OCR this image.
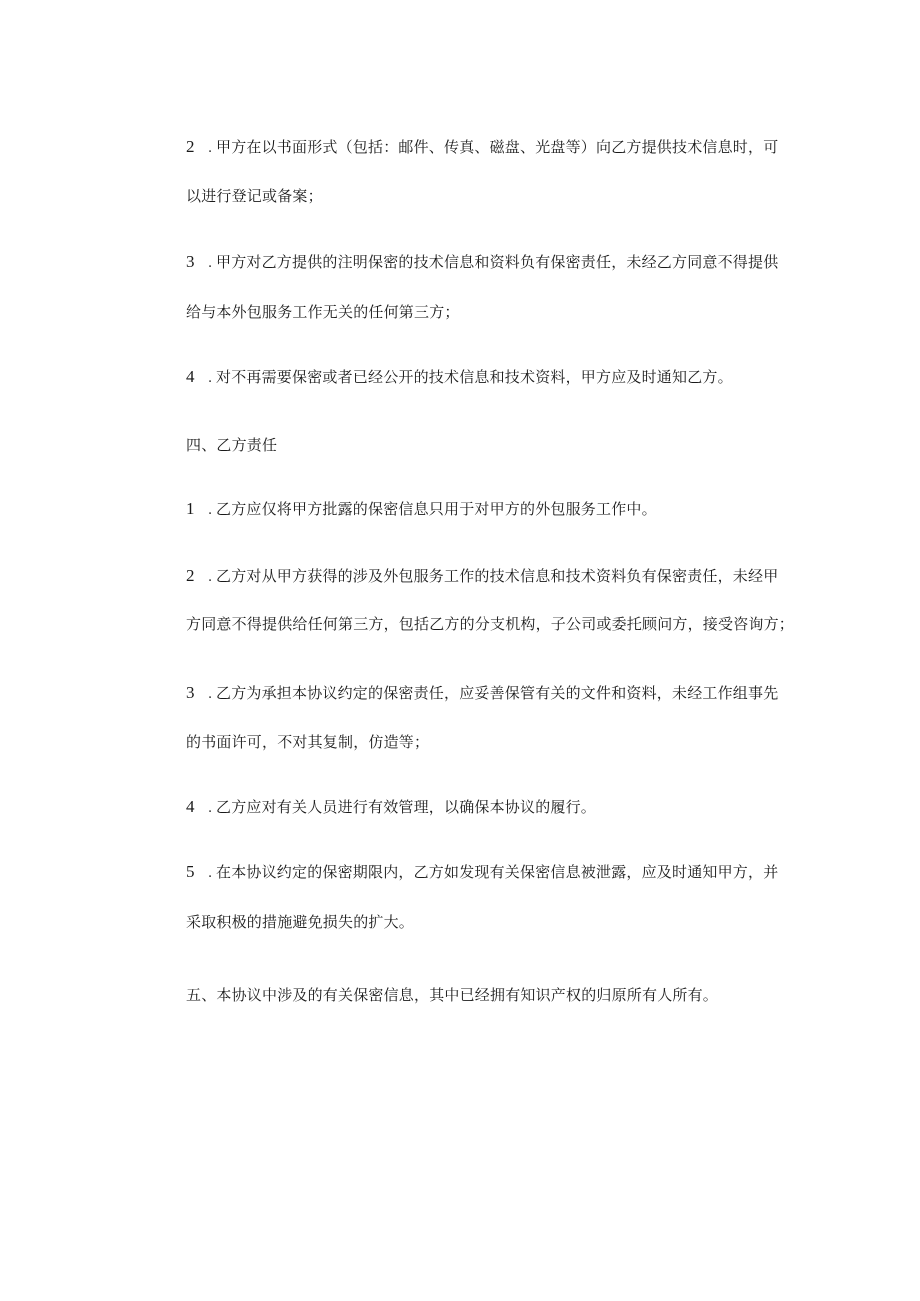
2 . 甲方在以书面形式（包括：邮件、传真、磁盘、光盘等）向乙方提供技术信息时，可
以进行登记或备案；
3 . 甲方对乙方提供的注明保密的技术信息和资料负有保密责任，未经乙方同意不得提供
给与本外包服务工作无关的任何第三方；
4 . 对不再需要保密或者已经公开的技术信息和技术资料，甲方应及时通知乙方。
四、乙方责任
1 . 乙方应仅将甲方批露的保密信息只用于对甲方的外包服务工作中。
2 . 乙方对从甲方获得的涉及外包服务工作的技术信息和技术资料负有保密责任，未经甲
方同意不得提供给任何第三方，包括乙方的分支机构，子公司或委托顾问方，接受咨询方；
3 . 乙方为承担本协议约定的保密责任，应妥善保管有关的文件和资料，未经工作组事先
的书面许可，不对其复制，仿造等；
4 . 乙方应对有关人员进行有效管理，以确保本协议的履行。
5 . 在本协议约定的保密期限内，乙方如发现有关保密信息被泄露，应及时通知甲方，并
采取积极的措施避免损失的扩大。
五、本协议中涉及的有关保密信息，其中已经拥有知识产权的归原所有人所有。
